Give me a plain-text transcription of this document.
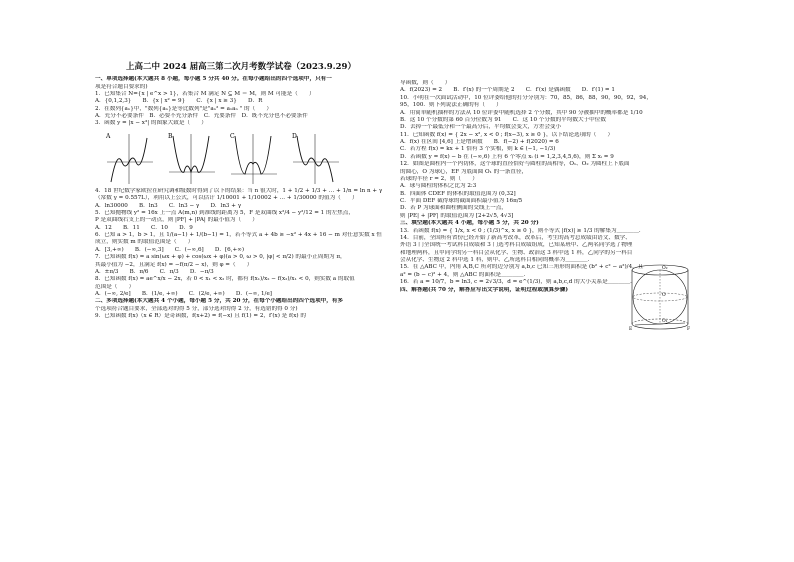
上高二中 2024 届高三第二次月考数学试卷（2023.9.29）
一、单项选择题(本大题共 8 小题，每小题 5 分共 40 分。在每小题给出的四个选项中，只有一
项是符合题目要求的)
1．已知集合 N={x | e^x > 1}，若集合 M 满足 N ⊆ M ＝ M，则 M 可能是（　　）
A．{0,1,2,3}　　B．{x | x² = 9}　　C．{x | x ≥ 3}　　D．R
2．在数列{aₙ}中，"数列{aₙ}是等比数列"是"aₙ² = a₁aₙ " 的（　　）
A．充分不必要条件　B．必要不充分条件　C．充要条件　D．既不充分也不必要条件
3．函数 y = |x − x³| 的图象大致是（　　）
A	B	C	D
4．18 世纪数学家欧拉在研究调和级数时得到了以下的结果：当 n 很大时，1 + 1/2 + 1/3 + … + 1/n = ln n + γ
（常数 γ = 0.557L），利用以上公式，可以估计 1/10001 + 1/10002 + … + 1/30000 的值为（　　）
A．ln30000　　B．ln3　　C．ln3 − γ　　D．ln3 + γ
5．已知抛物线 y² = 16x 上一点 A(m,n) 到准线的距离为 5，F 是双曲线 x²/4 − y²/12 = 1 的左焦点，
P 是双曲线右支上的一动点，则 |PF| + |PA| 的最小值为（　　）
A．12　　B．11　　C．10　　D．9
6．已知 a > 1，b > 1，且 1/(a−1) + 1/(b−1) = 1，若不等式 a + 4b ≥ −x² + 4x + 16 − m 对任意实数 x 恒
成立，则实数 m 的取值范围是（　　）
A．[3,+∞)　　B．(−∞,3]　　C．(−∞,6]　　D．[6,+∞)
7．已知函数 f(x) = a sin(ωx + φ) + cos(ωx + φ)(a > 0, ω > 0, |φ| < π/2) 的最小正周期为 π，
其最小值为 −2，且满足 f(x) = −f(π/2 − x)，则 φ =（　　）
A．±π/3　　B．π/6　　C．π/3　　D．−π/3
8．已知函数 f(x) = ae^x/x − 2x，若 0 < x₁ < x₂ 时，都有 f(x₁)/x₂ − f(x₂)/x₁ < 0，则实数 a 的取值
范围是（　　）
A．(−∞, 2/e]　　B．(1/e, +∞)　　C．(2/e, +∞)　　D．(−∞, 1/e]
二、多项选择题(本大题共 4 个小题，每小题 5 分，共 20 分，在每个小题给出的四个选项中，有多
个选项符合题目要求，全部选对的得 5 分，部分选对的得 2 分，有选错的得 0 分)
9．已知函数 f(x)（x ∈ R）是奇函数，f(x+2) = f(−x) 且 f(1) = 2，f′(x) 是 f(x) 的
导函数，则（　　）
A．f(2023) = 2　　B．f′(x) 的一个周期是 2　　C．f′(x) 是偶函数　　D．f′(1) = 1
10．小明在一次面试活动中，10 位评委给他的打分分别为：70，85，86，88，90，90，92，94，
95，100．则下列说法正确的有（　　）
A．用简单随机抽样的方法从 10 位评委中随机选择 2 个分数，其中 90 分被抽中的概率都是 1/10
B．这 10 个分数的第 60 百分位数为 91　　C．这 10 个分数的平均数大于中位数
D．去掉一个最低分和一个最高分后，平均数会变大，方差会变小
11．已知函数 f(x) = { 2x − x², x < 0 ; f(x−3), x ≥ 0 }，以下结论选项的（　　）
A．f(x) 在区间 [4,6] 上是增函数　　B．f(−2) + f(2020) = 6
C．若方程 f(x) = kx + 1 恰有 3 个实根，则 k ∈ (−1, −1/3)
D．若函数 y = f(x) − b 在 (−∞,6) 上有 6 个零点 xᵢ (i = 1,2,3,4,5,6)，则 Σ xᵢ = 9
12．如图是圆柱内一个内切体，这个球的直径恰好与圆柱的高相等，O₁、O₂ 为圆柱上下底面
的圆心，O 为球心，EF 为底面圆 O₁ 的一条直径，
若球的半径 r = 2，则（　　）
A．球与圆柱的体积之比为 2:3
B．四面体 CDEF 的体积的取值范围为 (0,32]
C．平面 DEF 截得球的截面面积最小值为 16π/5
D．若 P 为球面和圆柱侧面的交线上一点，
则 |PE| + |PF| 的取值范围为 [2+2√5, 4√3]
三、填空题(本大题共 4 小题，每小题 5 分，共 20 分)
13．若函数 f(x) = { 1/x, x < 0 ; (1/3)^x, x ≥ 0 }，则不等式 |f(x)| ≥ 1/3 的解集为＿＿＿＿．
14．目前，全国所有省份已经开始了新高考改革，改革后，考生的高考总成绩由语文、数学、
外语 3 门全国统一考试科目成绩和 3 门选考科目成绩组成，已知某班甲、乙两名同学选了物理
和地理两科，且甲同学的另一科目会从化学、生物、政治这 3 科中选 1 科，乙同学的另一科目
会从化学、生物这 2 科中选 1 科，则甲、乙所选科目相同的概率为＿＿＿＿．
15．在 △ABC 中，内角 A,B,C 所对的边分别为 a,b,c 已知三角形的面积是 (b² + c² − a²)/4，且
a² = (b − c)² + 4，则 △ABC 的面积是＿＿＿＿．
16．若 a = 10/7，b = ln3, c = 2√3/3，d = e^(1/3)，则 a,b,c,d 的大小关系是＿＿＿＿．
四、解答题(共 70 分，解答应写出文字说明，证明过程或演算步骤)
O₂
O
O₁
E	F
